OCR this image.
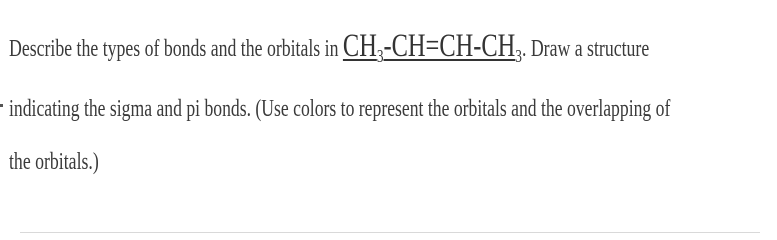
Describe the types of bonds and the orbitals in $CH_3-CH=CH-CH_3$. Draw a structure
indicating the sigma and pi bonds. (Use colors to represent the orbitals and the overlapping of
the orbitals.)
